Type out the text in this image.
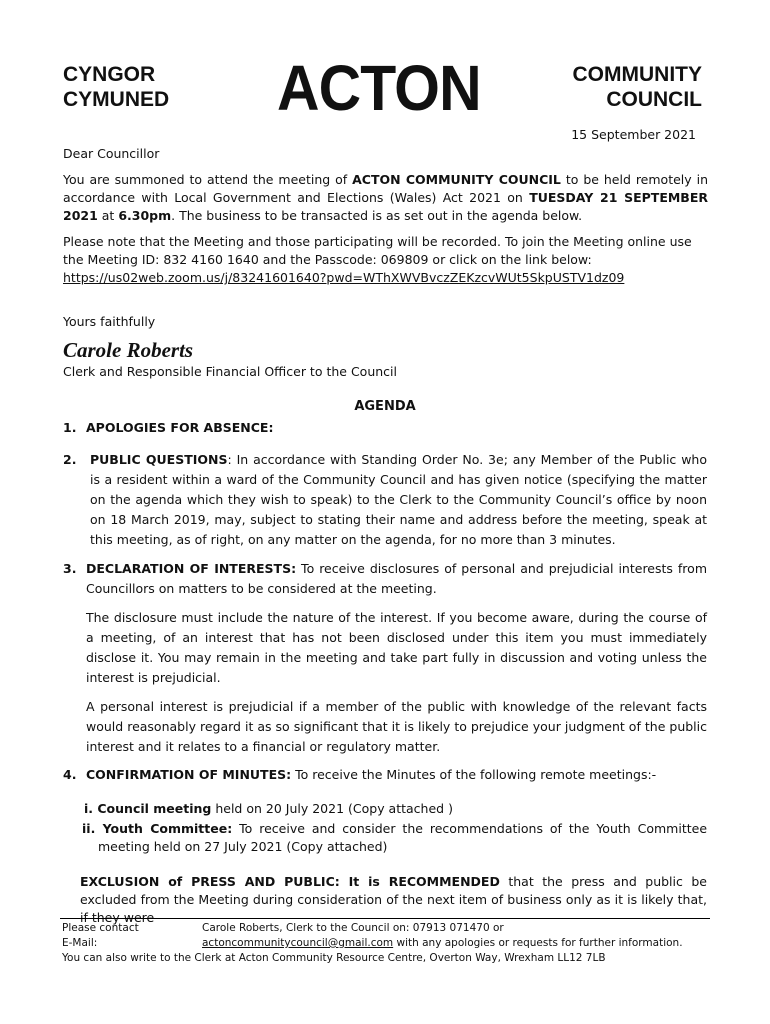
CYNGOR
CYMUNED ACTON	COMMUNITY
COUNCIL
15 September 2021
Dear Councillor
You are summoned to attend the meeting of ACTON COMMUNITY COUNCIL to be held remotely in accordance with Local Government and Elections (Wales) Act 2021 on TUESDAY 21 SEPTEMBER 2021 at 6.30pm. The business to be transacted is as set out in the agenda below.
Please note that the Meeting and those participating will be recorded. To join the Meeting online use the Meeting ID: 832 4160 1640 and the Passcode: 069809 or click on the link below:
https://us02web.zoom.us/j/83241601640?pwd=WThXWVBvczZEKzcvWUt5SkpUSTV1dz09
Yours faithfully
Carole Roberts
Clerk and Responsible Financial Officer to the Council
AGENDA
1. APOLOGIES FOR ABSENCE:
2. PUBLIC QUESTIONS: In accordance with Standing Order No. 3e; any Member of the Public who is a resident within a ward of the Community Council and has given notice (specifying the matter on the agenda which they wish to speak) to the Clerk to the Community Council’s office by noon on 18 March 2019, may, subject to stating their name and address before the meeting, speak at this meeting, as of right, on any matter on the agenda, for no more than 3 minutes.
3. DECLARATION OF INTERESTS: To receive disclosures of personal and prejudicial interests from Councillors on matters to be considered at the meeting.
The disclosure must include the nature of the interest. If you become aware, during the course of a meeting, of an interest that has not been disclosed under this item you must immediately disclose it. You may remain in the meeting and take part fully in discussion and voting unless the interest is prejudicial.
A personal interest is prejudicial if a member of the public with knowledge of the relevant facts would reasonably regard it as so significant that it is likely to prejudice your judgment of the public interest and it relates to a financial or regulatory matter.
4. CONFIRMATION OF MINUTES: To receive the Minutes of the following remote meetings:-
i. Council meeting held on 20 July 2021 (Copy attached )
ii. Youth Committee: To receive and consider the recommendations of the Youth Committee meeting held on 27 July 2021 (Copy attached)
EXCLUSION of PRESS AND PUBLIC: It is RECOMMENDED that the press and public be excluded from the Meeting during consideration of the next item of business only as it is likely that, if they were
Please contact	Carole Roberts, Clerk to the Council on: 07913 071470 or
E-Mail:	actoncommunitycouncil@gmail.com with any apologies or requests for further information.
You can also write to the Clerk at Acton Community Resource Centre, Overton Way, Wrexham LL12 7LB
